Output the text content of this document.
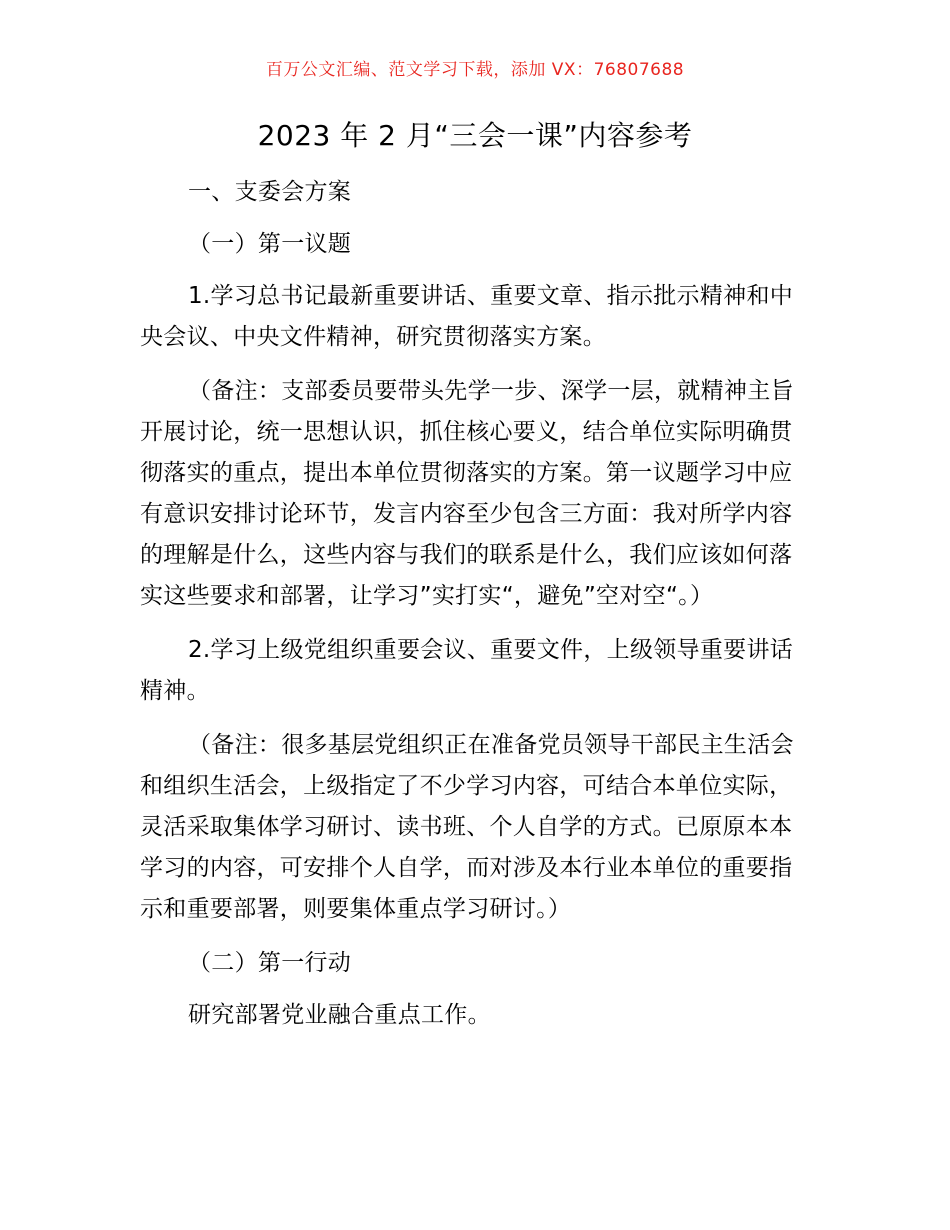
百万公文汇编、范文学习下载，添加 VX：76807688
2023 年 2 月“三会一课”内容参考

一、支委会方案

（一）第一议题

1.学习总书记最新重要讲话、重要文章、指示批示精神和中央会议、中央文件精神，研究贯彻落实方案。

（备注：支部委员要带头先学一步、深学一层，就精神主旨开展讨论，统一思想认识，抓住核心要义，结合单位实际明确贯彻落实的重点，提出本单位贯彻落实的方案。第一议题学习中应有意识安排讨论环节，发言内容至少包含三方面：我对所学内容的理解是什么，这些内容与我们的联系是什么，我们应该如何落实这些要求和部署，让学习”实打实“，避免”空对空“。）

2.学习上级党组织重要会议、重要文件，上级领导重要讲话精神。

（备注：很多基层党组织正在准备党员领导干部民主生活会和组织生活会，上级指定了不少学习内容，可结合本单位实际，灵活采取集体学习研讨、读书班、个人自学的方式。已原原本本学习的内容，可安排个人自学，而对涉及本行业本单位的重要指示和重要部署，则要集体重点学习研讨。）

（二）第一行动

研究部署党业融合重点工作。
